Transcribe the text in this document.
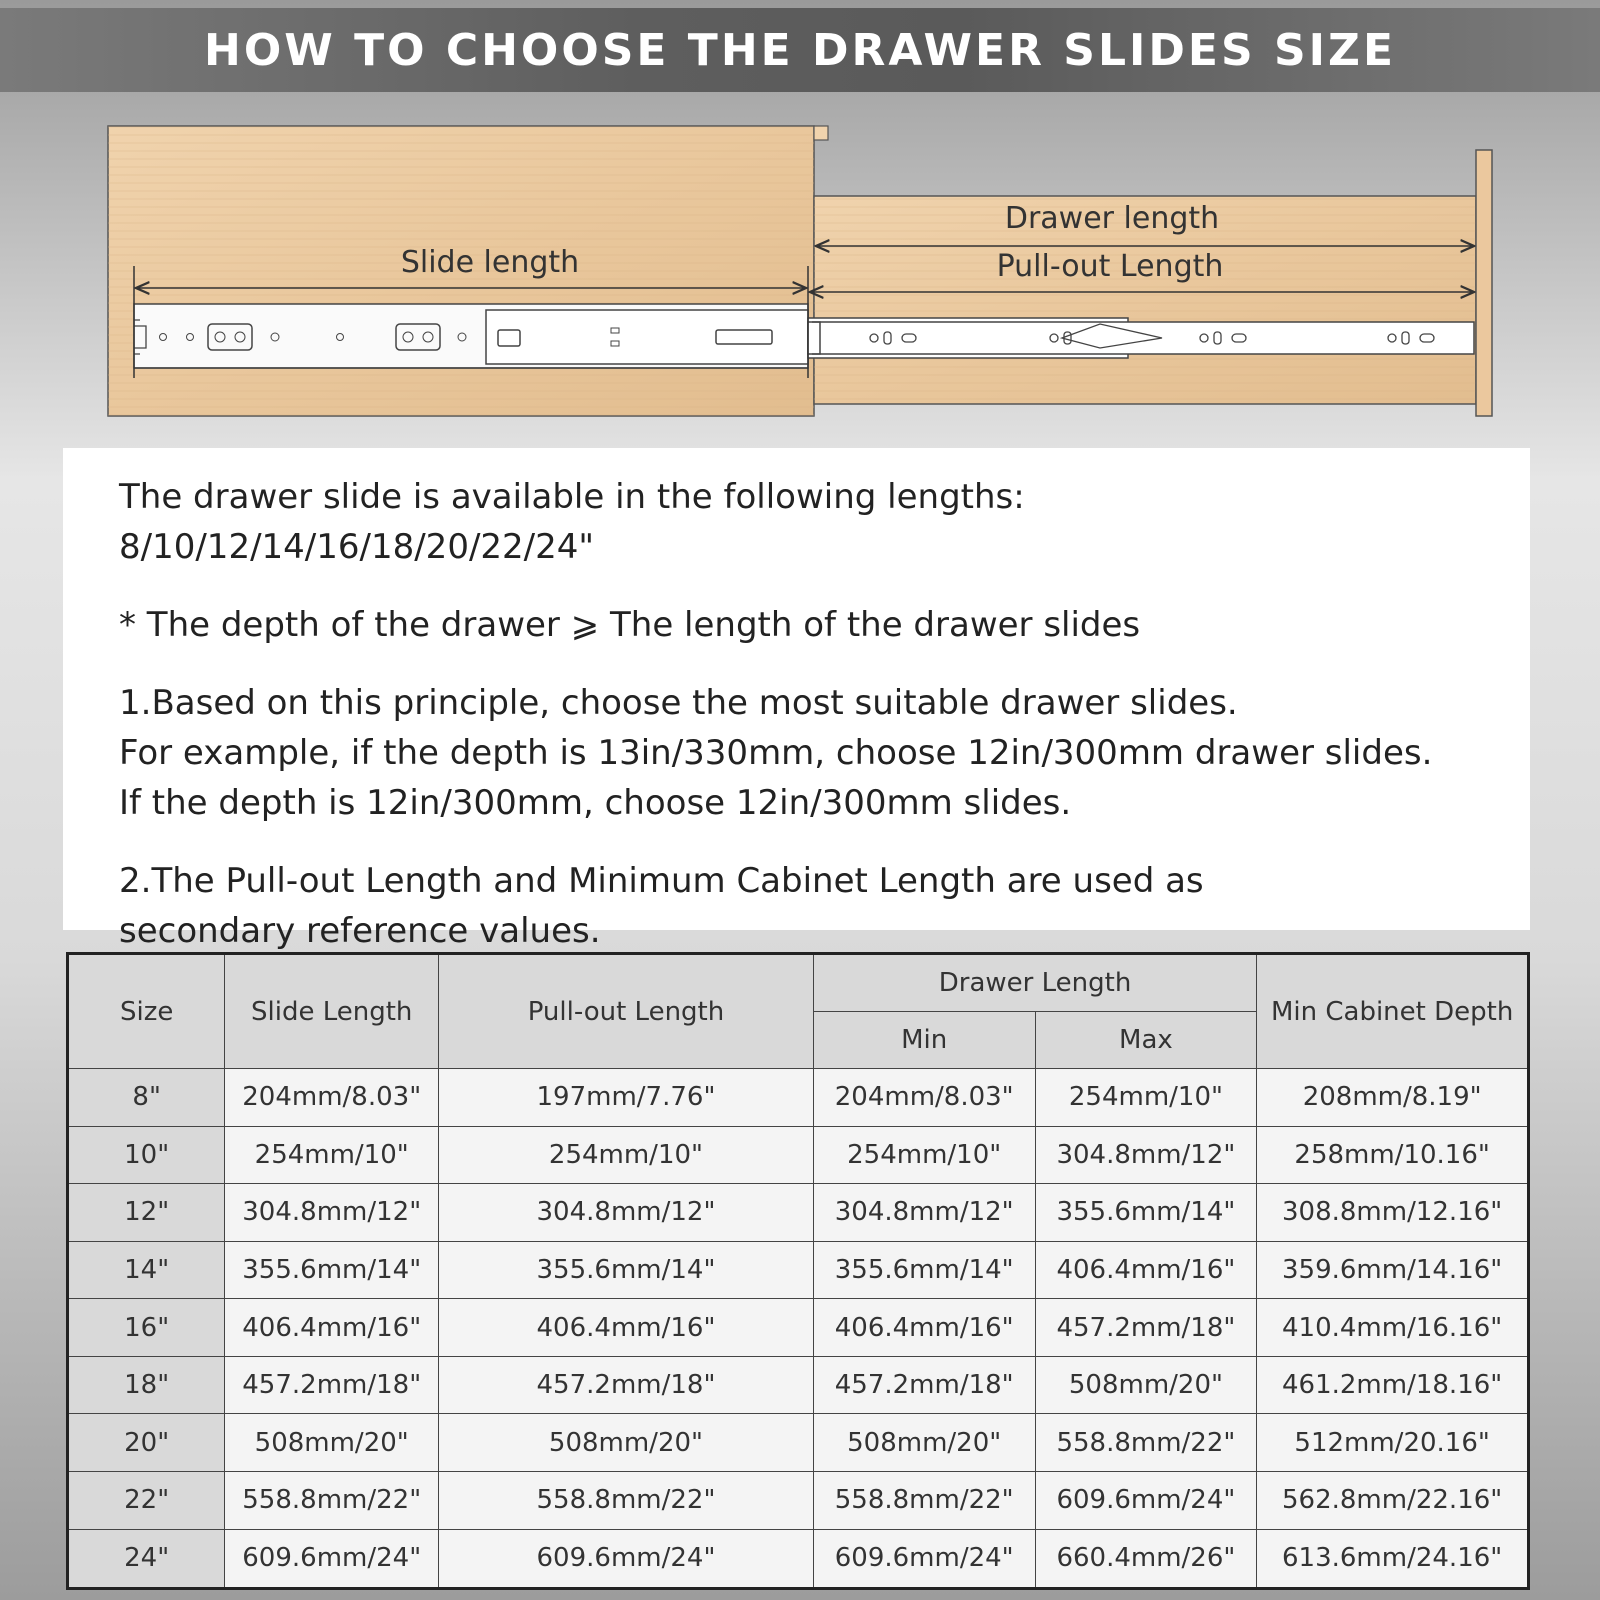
HOW TO CHOOSE THE DRAWER SLIDES SIZE
Slide length
Drawer length
Pull-out Length

The drawer slide is available in the following lengths: 8/10/12/14/16/18/20/22/24"

* The depth of the drawer ⩾ The length of the drawer slides

1.Based on this principle, choose the most suitable drawer slides.

For example, if the depth is 13in/330mm, choose 12in/300mm drawer slides.

If the depth is 12in/300mm, choose 12in/300mm slides.

2.The Pull-out Length and Minimum Cabinet Length are used as

secondary reference values.

Size	Slide Length	Pull-out Length	Drawer Length		Min Cabinet Depth
			Min	Max	
8"	204mm/8.03"	197mm/7.76"	204mm/8.03"	254mm/10"	208mm/8.19"
10"	254mm/10"	254mm/10"	254mm/10"	304.8mm/12"	258mm/10.16"
12"	304.8mm/12"	304.8mm/12"	304.8mm/12"	355.6mm/14"	308.8mm/12.16"
14"	355.6mm/14"	355.6mm/14"	355.6mm/14"	406.4mm/16"	359.6mm/14.16"
16"	406.4mm/16"	406.4mm/16"	406.4mm/16"	457.2mm/18"	410.4mm/16.16"
18"	457.2mm/18"	457.2mm/18"	457.2mm/18"	508mm/20"	461.2mm/18.16"
20"	508mm/20"	508mm/20"	508mm/20"	558.8mm/22"	512mm/20.16"
22"	558.8mm/22"	558.8mm/22"	558.8mm/22"	609.6mm/24"	562.8mm/22.16"
24"	609.6mm/24"	609.6mm/24"	609.6mm/24"	660.4mm/26"	613.6mm/24.16"
